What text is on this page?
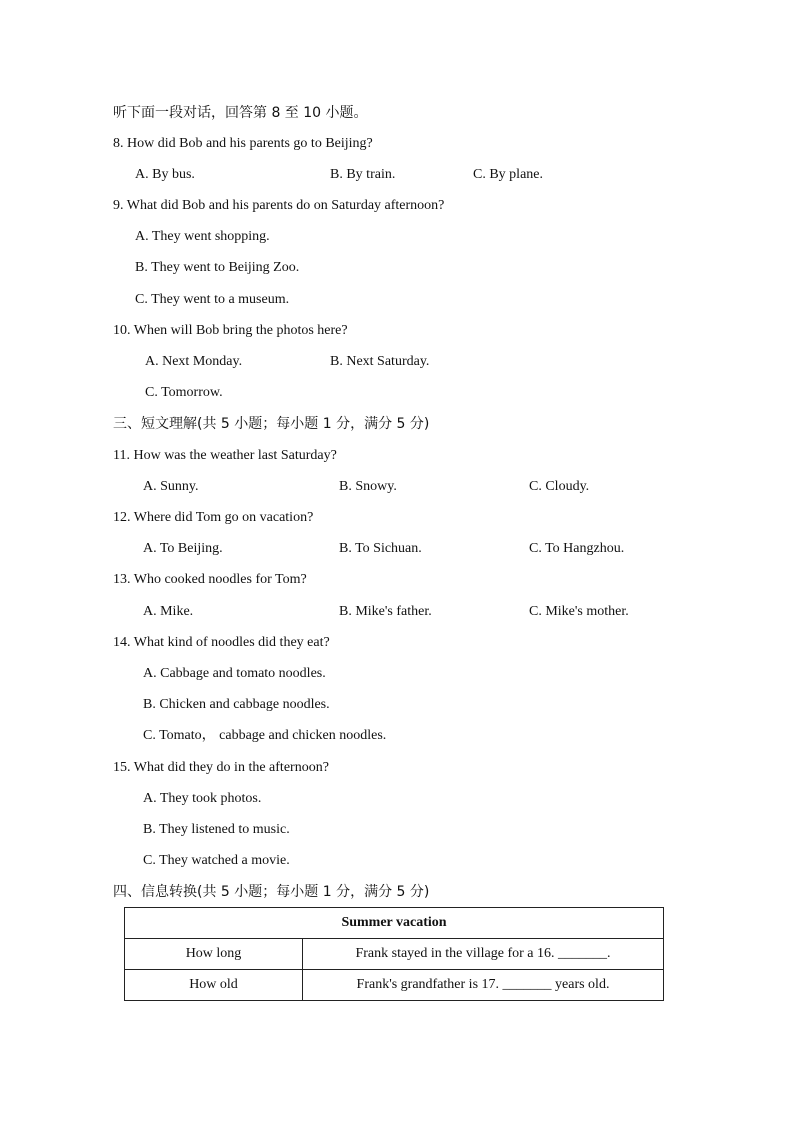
听下面一段对话，回答第 8 至 10 小题。
8. How did Bob and his parents go to Beijing?
A. By bus.	B. By train.	C. By plane.
9. What did Bob and his parents do on Saturday afternoon?
A. They went shopping.
B. They went to Beijing Zoo.
C. They went to a museum.
10. When will Bob bring the photos here?
A. Next Monday.	B. Next Saturday.
C. Tomorrow.
三、短文理解(共 5 小题；每小题 1 分，满分 5 分)
11. How was the weather last Saturday?
A. Sunny.	B. Snowy.	C. Cloudy.
12. Where did Tom go on vacation?
A. To Beijing.	B. To Sichuan.	C. To Hangzhou.
13. Who cooked noodles for Tom?
A. Mike.	B. Mike's father.	C. Mike's mother.
14. What kind of noodles did they eat?
A. Cabbage and tomato noodles.
B. Chicken and cabbage noodles.
C. Tomato， cabbage and chicken noodles.
15. What did they do in the afternoon?
A. They took photos.
B. They listened to music.
C. They watched a movie.
四、信息转换(共 5 小题；每小题 1 分，满分 5 分)
Summer vacation	
How long	Frank stayed in the village for a 16. _______.
How old	Frank's grandfather is 17. _______ years old.
